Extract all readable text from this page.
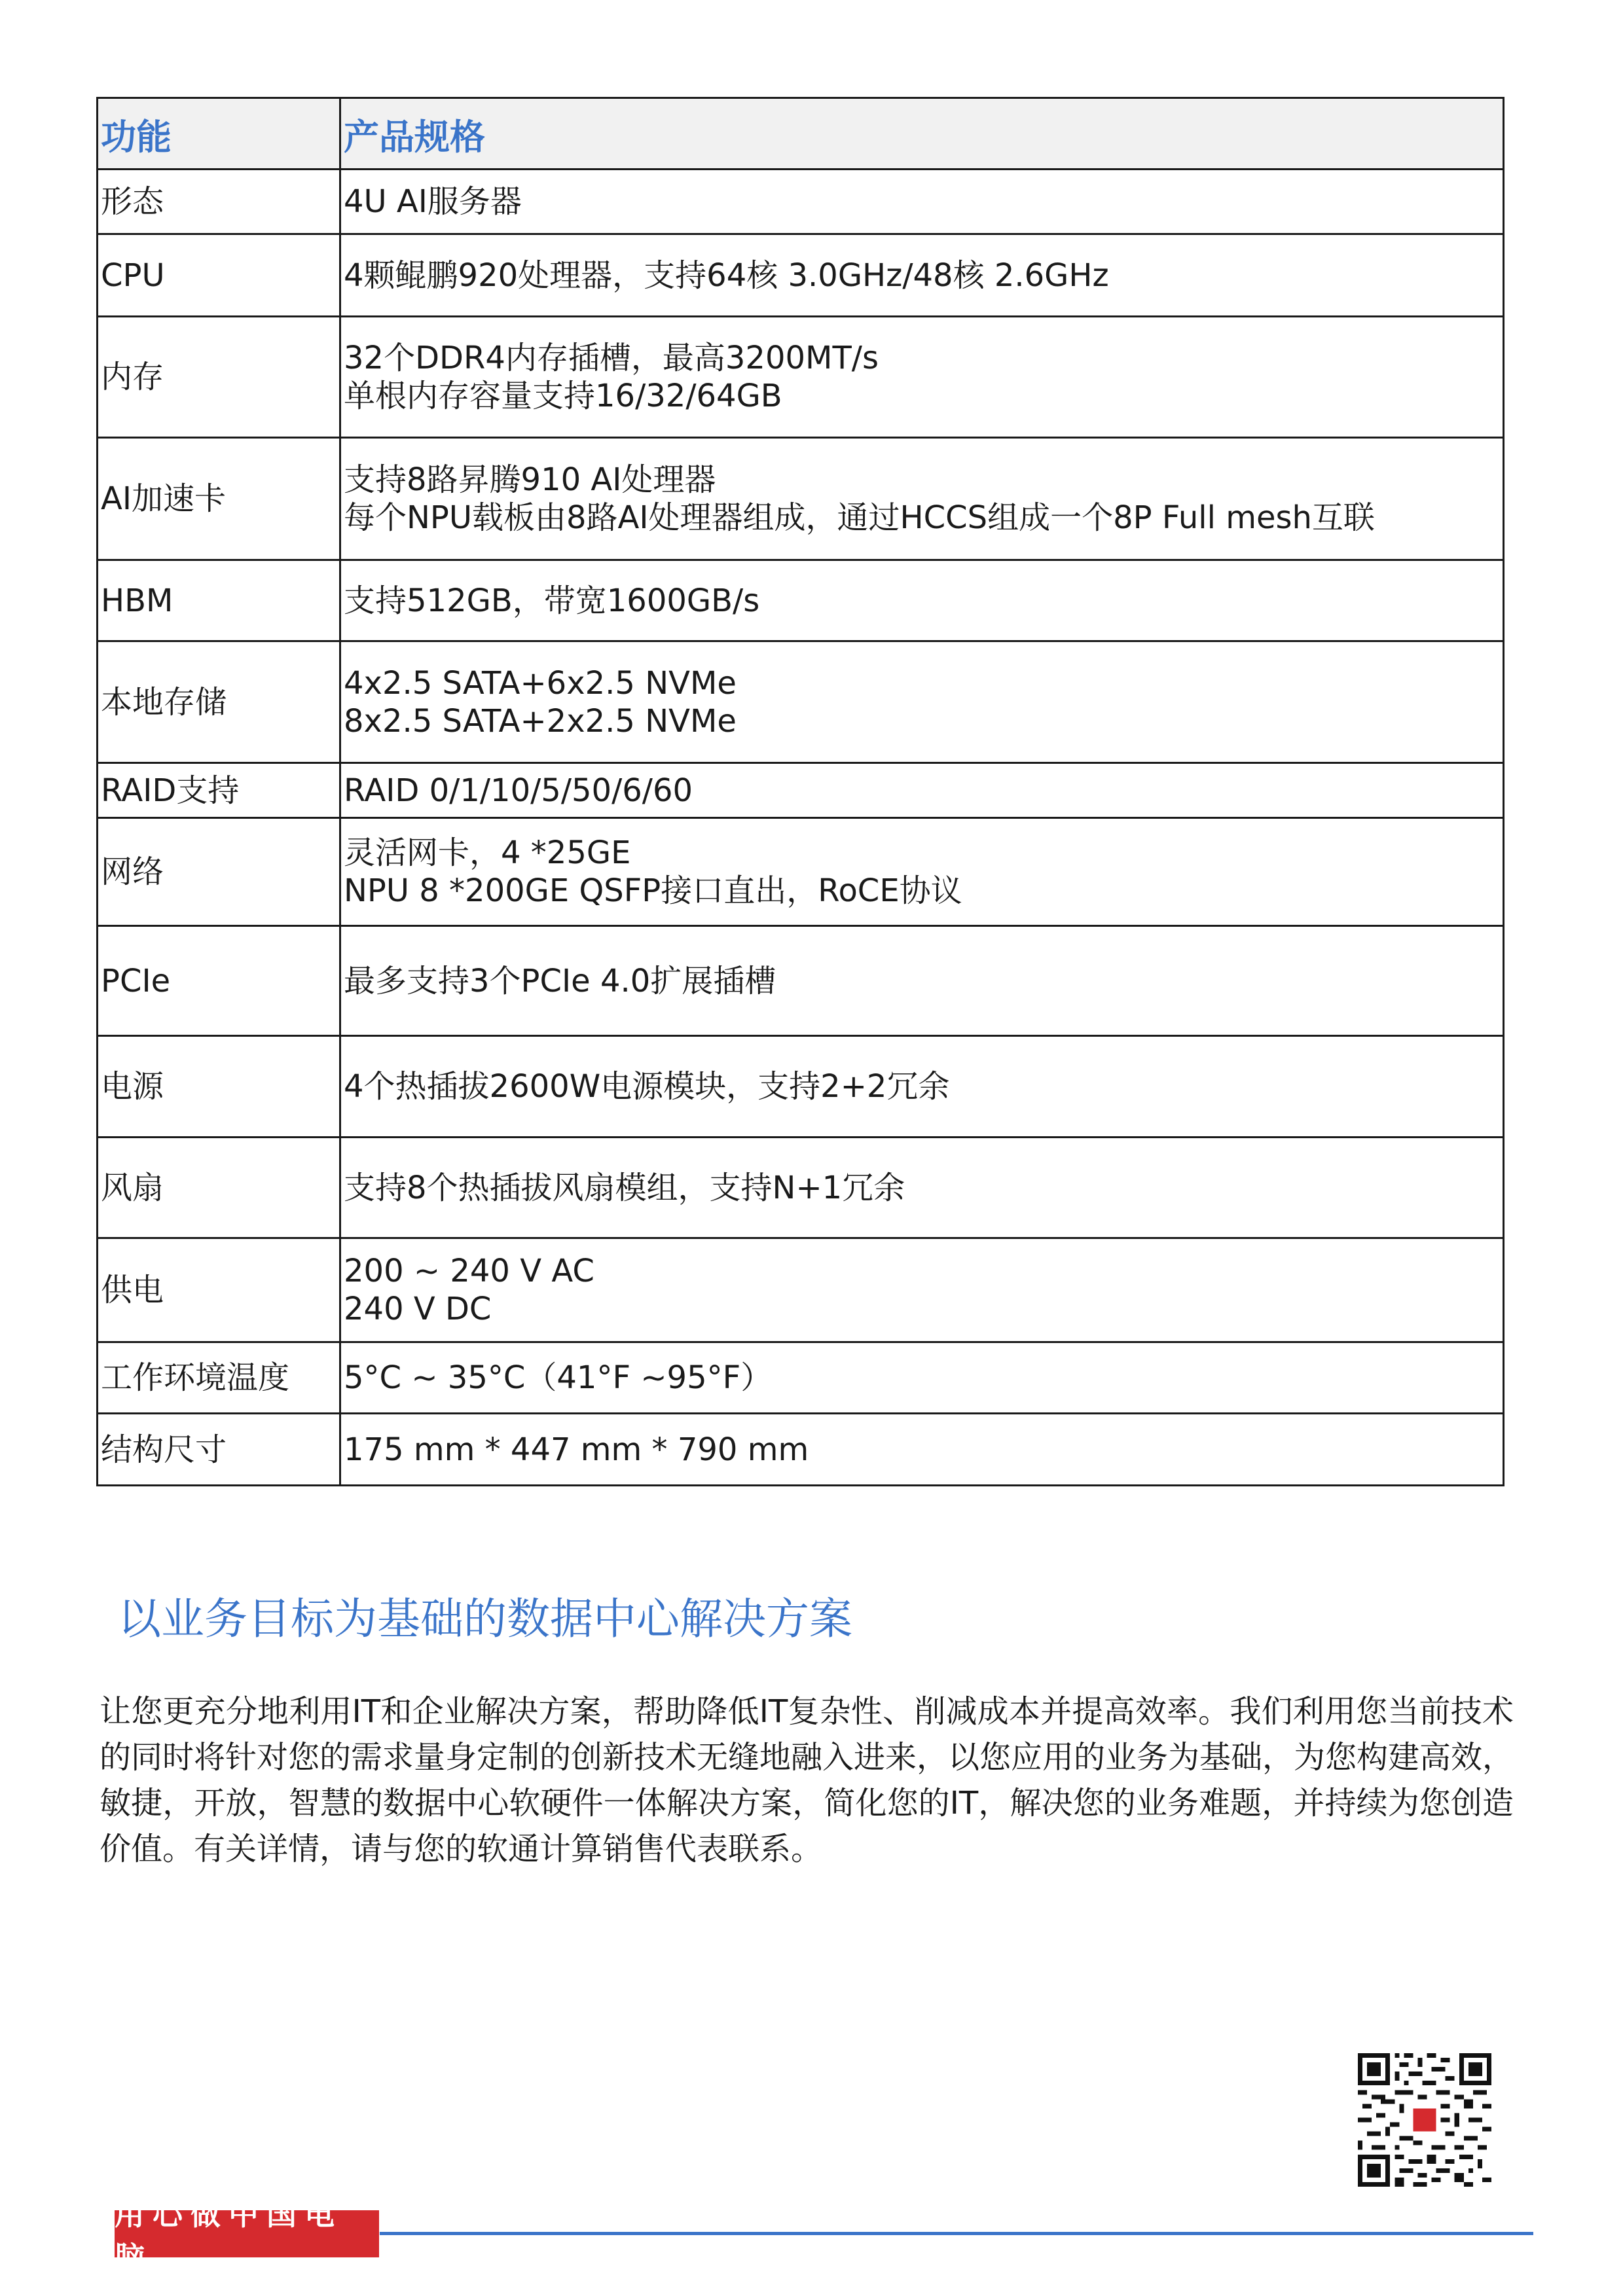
功能	产品规格
形态	4U AI服务器

CPU	4颗鲲鹏920处理器，支持64核 3.0GHz/48核 2.6GHz

内存	32个DDR4内存插槽，最高3200MT/s
单根内存容量支持16/32/64GB

AI加速卡	支持8路昇腾910 AI处理器
每个NPU载板由8路AI处理器组成，通过HCCS组成一个8P Full mesh互联

HBM	支持512GB，带宽1600GB/s

本地存储	4x2.5 SATA+6x2.5 NVMe
8x2.5 SATA+2x2.5 NVMe

RAID支持	RAID 0/1/10/5/50/6/60

网络	灵活网卡，4 *25GE
NPU 8 *200GE QSFP接口直出，RoCE协议

PCIe	最多支持3个PCIe 4.0扩展插槽

电源	4个热插拔2600W电源模块，支持2+2冗余

风扇	支持8个热插拔风扇模组，支持N+1冗余

供电	200 ~ 240 V AC
240 V DC

工作环境温度	5°C ~ 35°C（41°F ~95°F）

结构尺寸	175 mm * 447 mm * 790 mm
以业务目标为基础的数据中心解决方案
让您更充分地利用IT和企业解决方案，帮助降低IT复杂性、削减成本并提高效率。我们利用您当前技术的同时将针对您的需求量身定制的创新技术无缝地融入进来，以您应用的业务为基础，为您构建高效，敏捷，开放，智慧的数据中心软硬件一体解决方案，简化您的IT，解决您的业务难题，并持续为您创造价值。有关详情，请与您的软通计算销售代表联系。
用心做中国电脑
